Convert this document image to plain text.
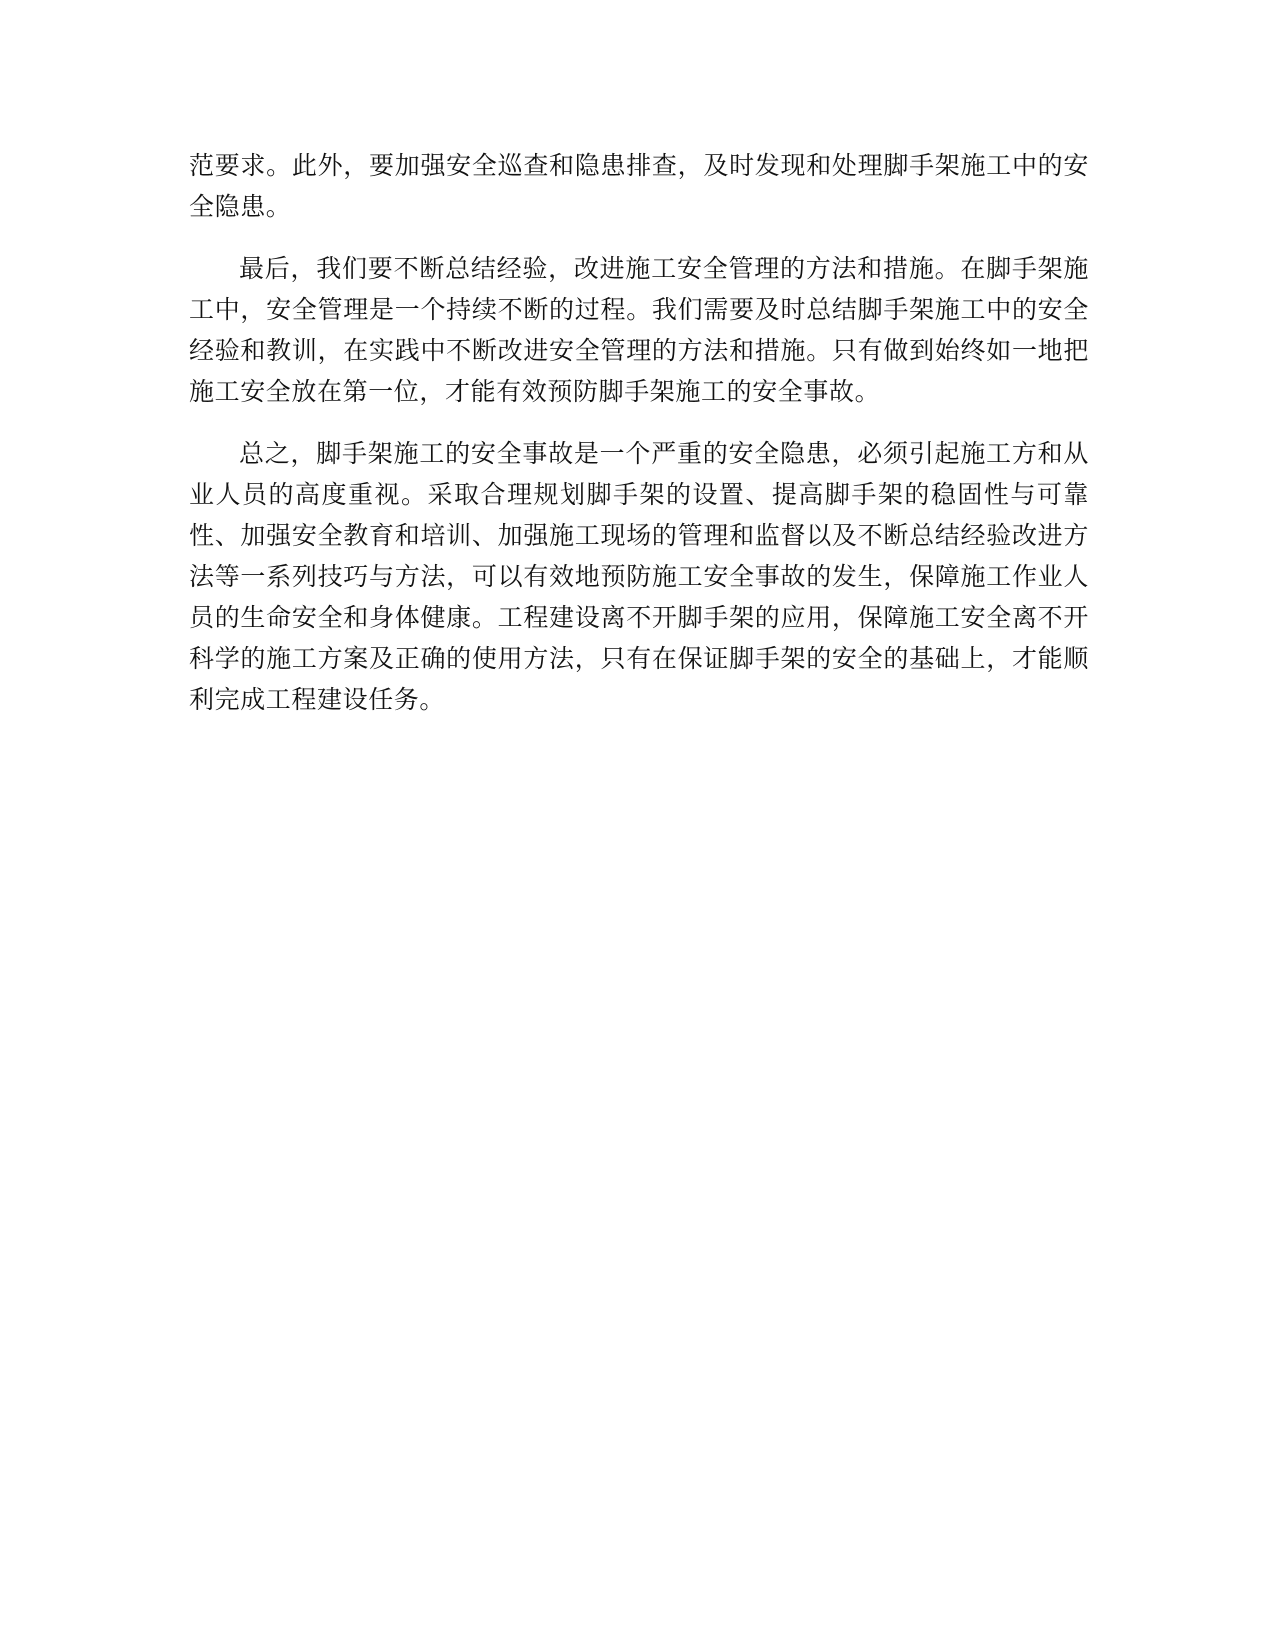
范要求。此外，要加强安全巡查和隐患排查，及时发现和处理脚手架施工中的安全隐患。

最后，我们要不断总结经验，改进施工安全管理的方法和措施。在脚手架施工中，安全管理是一个持续不断的过程。我们需要及时总结脚手架施工中的安全经验和教训，在实践中不断改进安全管理的方法和措施。只有做到始终如一地把施工安全放在第一位，才能有效预防脚手架施工的安全事故。

总之，脚手架施工的安全事故是一个严重的安全隐患，必须引起施工方和从业人员的高度重视。采取合理规划脚手架的设置、提高脚手架的稳固性与可靠性、加强安全教育和培训、加强施工现场的管理和监督以及不断总结经验改进方法等一系列技巧与方法，可以有效地预防施工安全事故的发生，保障施工作业人员的生命安全和身体健康。工程建设离不开脚手架的应用，保障施工安全离不开科学的施工方案及正确的使用方法，只有在保证脚手架的安全的基础上，才能顺利完成工程建设任务。
